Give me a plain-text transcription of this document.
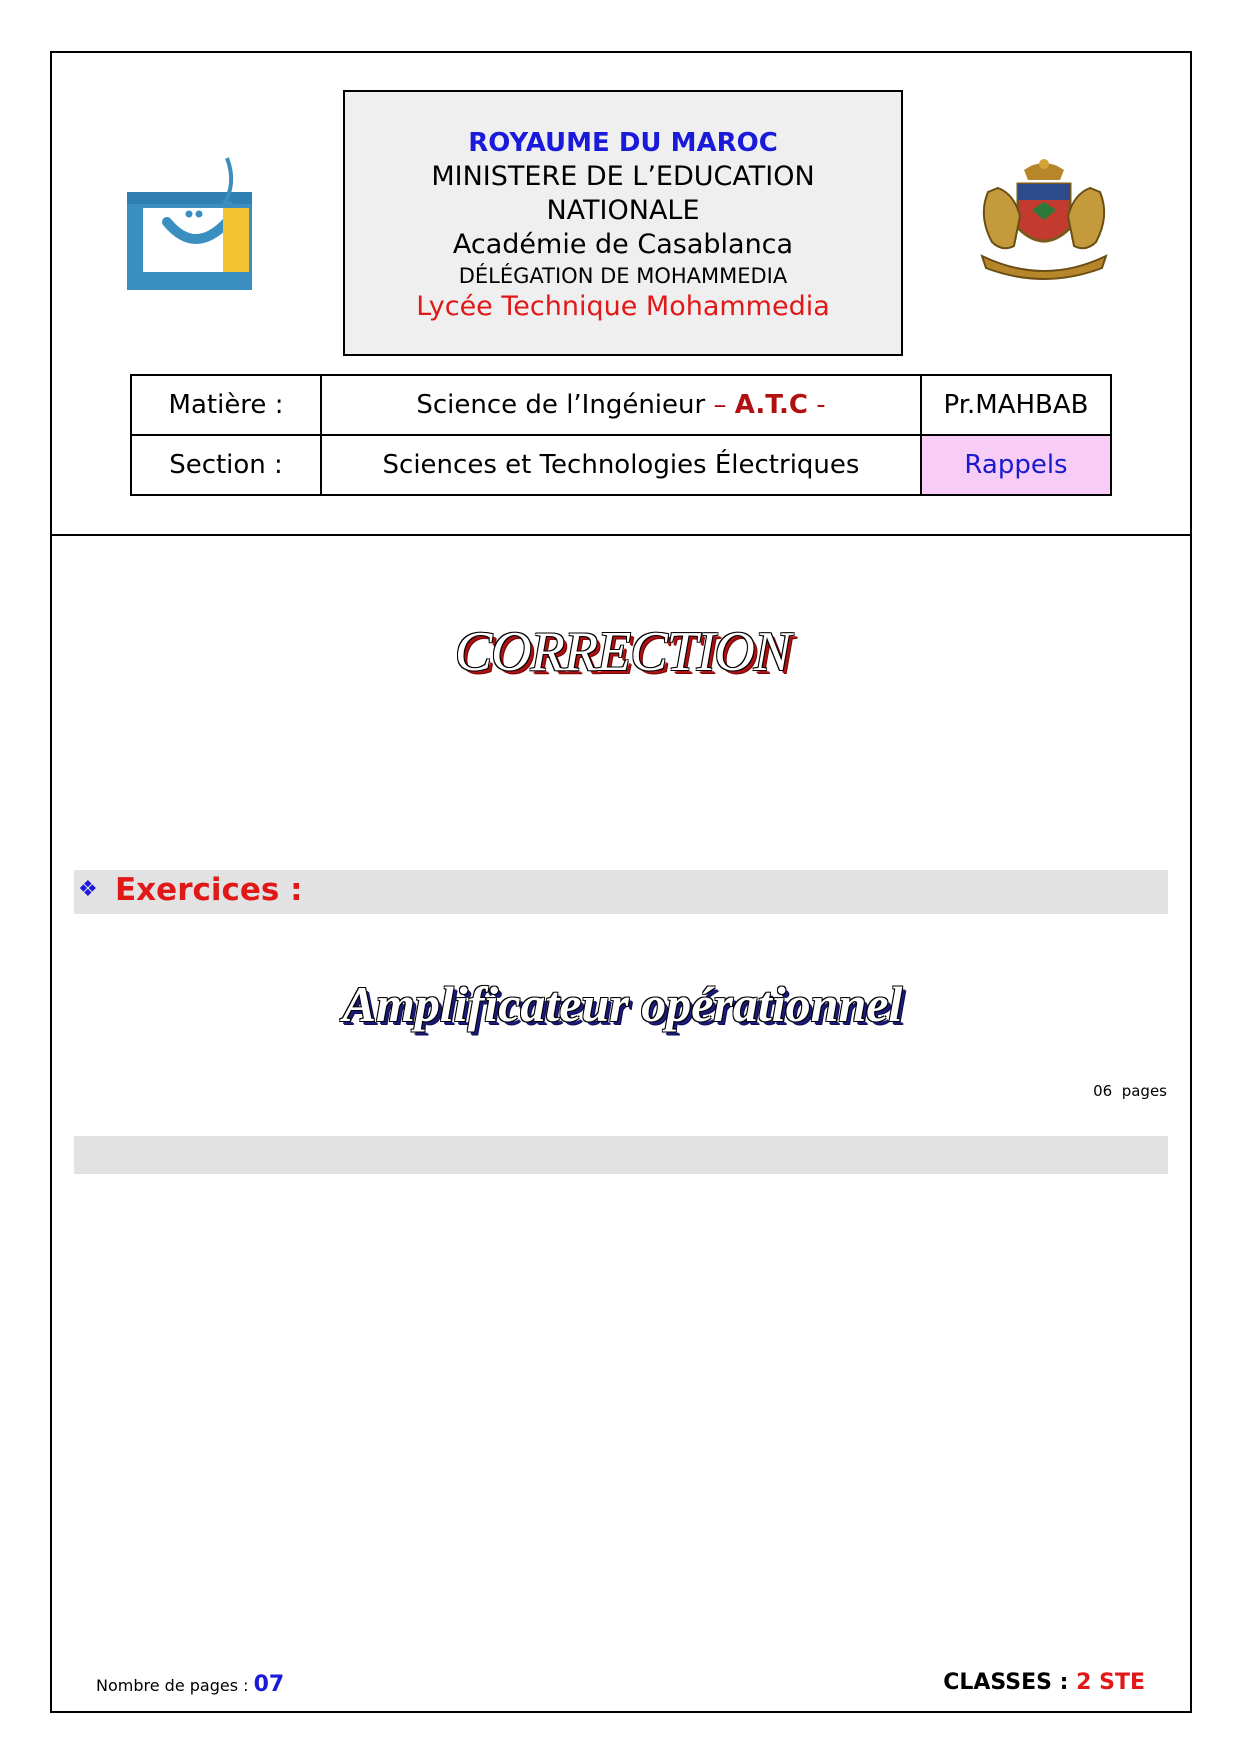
ROYAUME DU MAROC
MINISTERE DE L’EDUCATION
NATIONALE
Académie de Casablanca
DÉLÉGATION DE MOHAMMEDIA
Lycée Technique Mohammedia
Matière :	Science de l’Ingénieur – A.T.C -	Pr.MAHBAB
Section :	Sciences et Technologies Électriques	Rappels
CORRECTION
❖ Exercices :
Amplificateur opérationnel
06 pages
Nombre de pages : 07	CLASSES : 2 STE
